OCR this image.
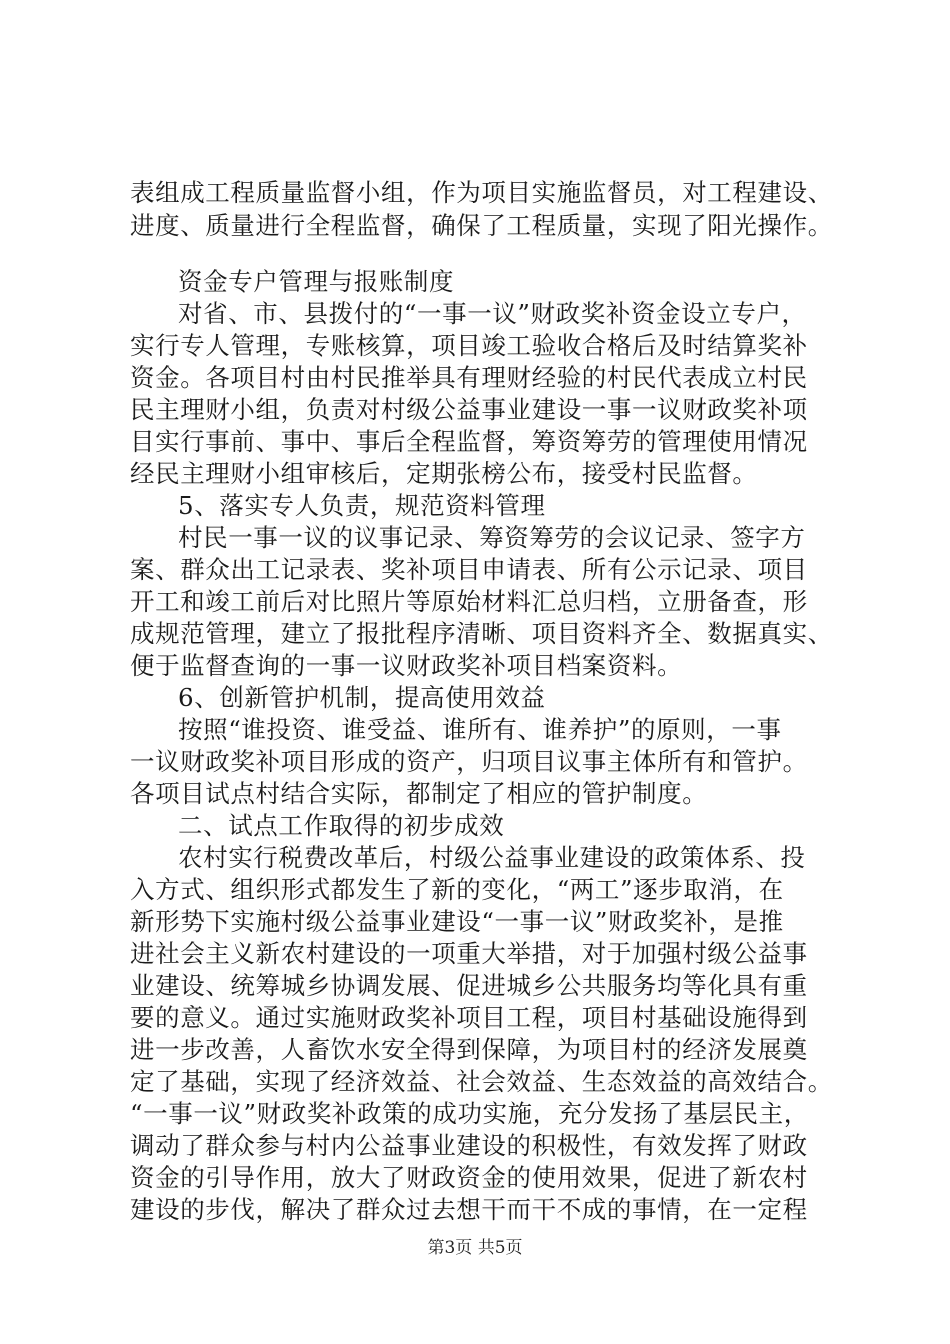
表组成工程质量监督小组，作为项目实施监督员，对工程建设、
进度、质量进行全程监督，确保了工程质量，实现了阳光操作。
资金专户管理与报账制度
对省、市、县拨付的“一事一议”财政奖补资金设立专户，
实行专人管理，专账核算，项目竣工验收合格后及时结算奖补
资金。各项目村由村民推举具有理财经验的村民代表成立村民
民主理财小组，负责对村级公益事业建设一事一议财政奖补项
目实行事前、事中、事后全程监督，筹资筹劳的管理使用情况
经民主理财小组审核后，定期张榜公布，接受村民监督。
5、落实专人负责，规范资料管理
村民一事一议的议事记录、筹资筹劳的会议记录、签字方
案、群众出工记录表、奖补项目申请表、所有公示记录、项目
开工和竣工前后对比照片等原始材料汇总归档，立册备查，形
成规范管理，建立了报批程序清晰、项目资料齐全、数据真实、
便于监督查询的一事一议财政奖补项目档案资料。
6、创新管护机制，提高使用效益
按照“谁投资、谁受益、谁所有、谁养护”的原则，一事
一议财政奖补项目形成的资产，归项目议事主体所有和管护。
各项目试点村结合实际，都制定了相应的管护制度。
二、试点工作取得的初步成效
农村实行税费改革后，村级公益事业建设的政策体系、投
入方式、组织形式都发生了新的变化，“两工”逐步取消，在
新形势下实施村级公益事业建设“一事一议”财政奖补，是推
进社会主义新农村建设的一项重大举措，对于加强村级公益事
业建设、统筹城乡协调发展、促进城乡公共服务均等化具有重
要的意义。通过实施财政奖补项目工程，项目村基础设施得到
进一步改善，人畜饮水安全得到保障，为项目村的经济发展奠
定了基础，实现了经济效益、社会效益、生态效益的高效结合。
“一事一议”财政奖补政策的成功实施，充分发扬了基层民主，
调动了群众参与村内公益事业建设的积极性，有效发挥了财政
资金的引导作用，放大了财政资金的使用效果，促进了新农村
建设的步伐，解决了群众过去想干而干不成的事情，在一定程
第3页 共5页
